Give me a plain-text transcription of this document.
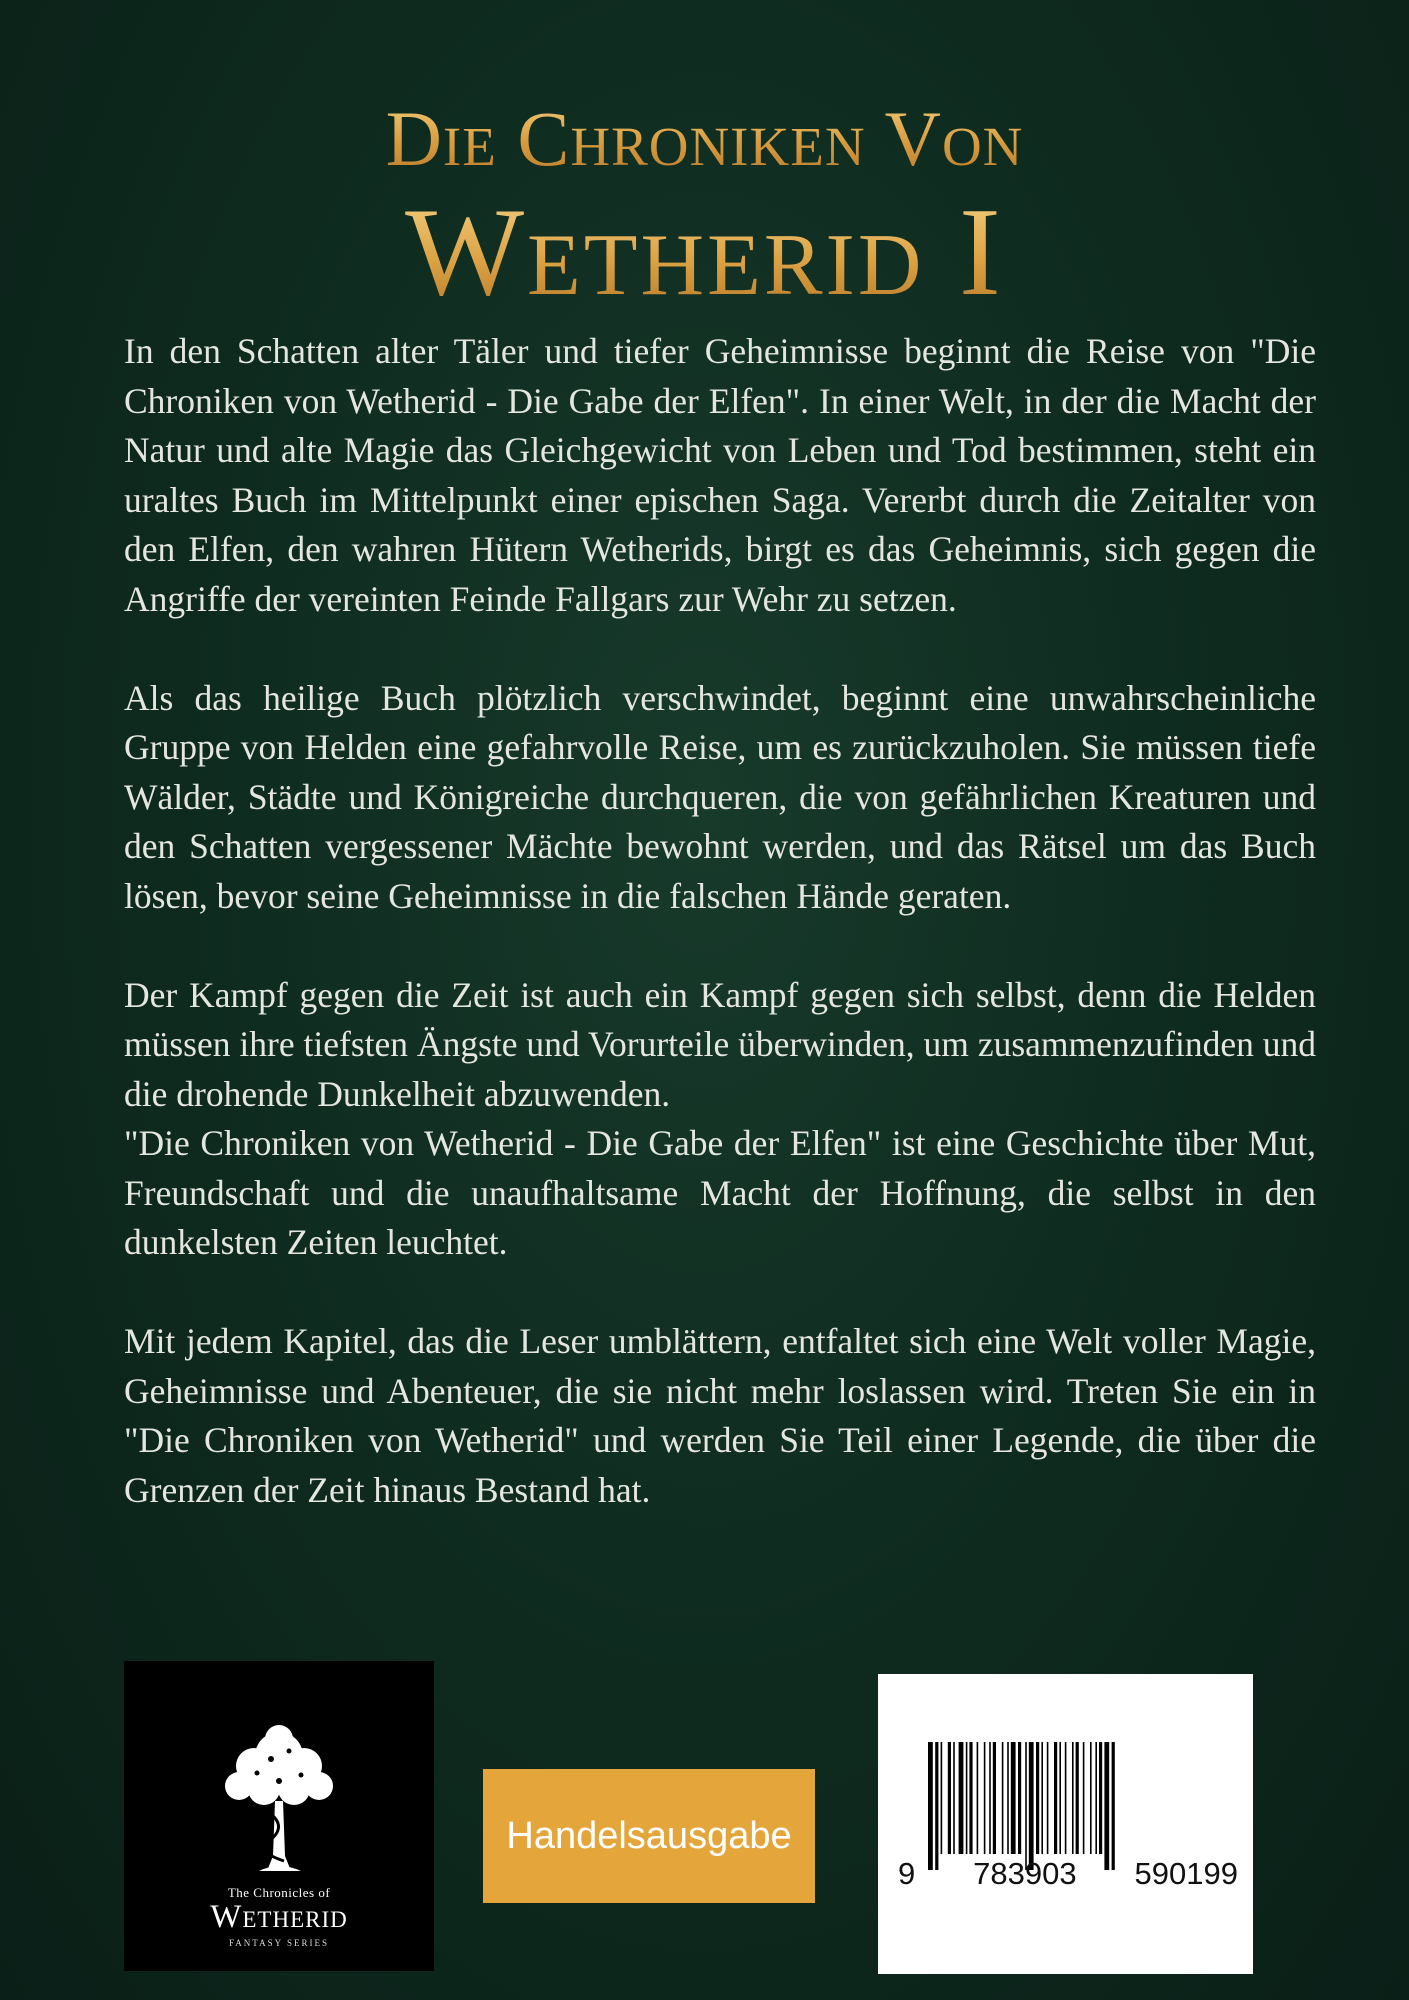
Die Chroniken Von
Wetherid I

In den Schatten alter Täler und tiefer Geheimnisse beginnt die Reise von "Die Chroniken von Wetherid - Die Gabe der Elfen". In einer Welt, in der die Macht der Natur und alte Magie das Gleichgewicht von Leben und Tod bestimmen, steht ein uraltes Buch im Mittelpunkt einer epischen Saga. Vererbt durch die Zeitalter von den Elfen, den wahren Hütern Wetherids, birgt es das Geheimnis, sich gegen die Angriffe der vereinten Feinde Fallgars zur Wehr zu setzen.

Als das heilige Buch plötzlich verschwindet, beginnt eine unwahrscheinliche Gruppe von Helden eine gefahrvolle Reise, um es zurückzuholen. Sie müssen tiefe Wälder, Städte und Königreiche durchqueren, die von gefährlichen Kreaturen und den Schatten vergessener Mächte bewohnt werden, und das Rätsel um das Buch lösen, bevor seine Geheimnisse in die falschen Hände geraten.

Der Kampf gegen die Zeit ist auch ein Kampf gegen sich selbst, denn die Helden müssen ihre tiefsten Ängste und Vorurteile überwinden, um zusammenzufinden und die drohende Dunkelheit abzuwenden.

"Die Chroniken von Wetherid - Die Gabe der Elfen" ist eine Geschichte über Mut, Freundschaft und die unaufhaltsame Macht der Hoffnung, die selbst in den dunkelsten Zeiten leuchtet.

Mit jedem Kapitel, das die Leser umblättern, entfaltet sich eine Welt voller Magie, Geheimnisse und Abenteuer, die sie nicht mehr loslassen wird. Treten Sie ein in "Die Chroniken von Wetherid" und werden Sie Teil einer Legende, die über die Grenzen der Zeit hinaus Bestand hat.

The Chronicles of
Wetherid
FANTASY SERIES
Handelsausgabe
9 783903 590199
